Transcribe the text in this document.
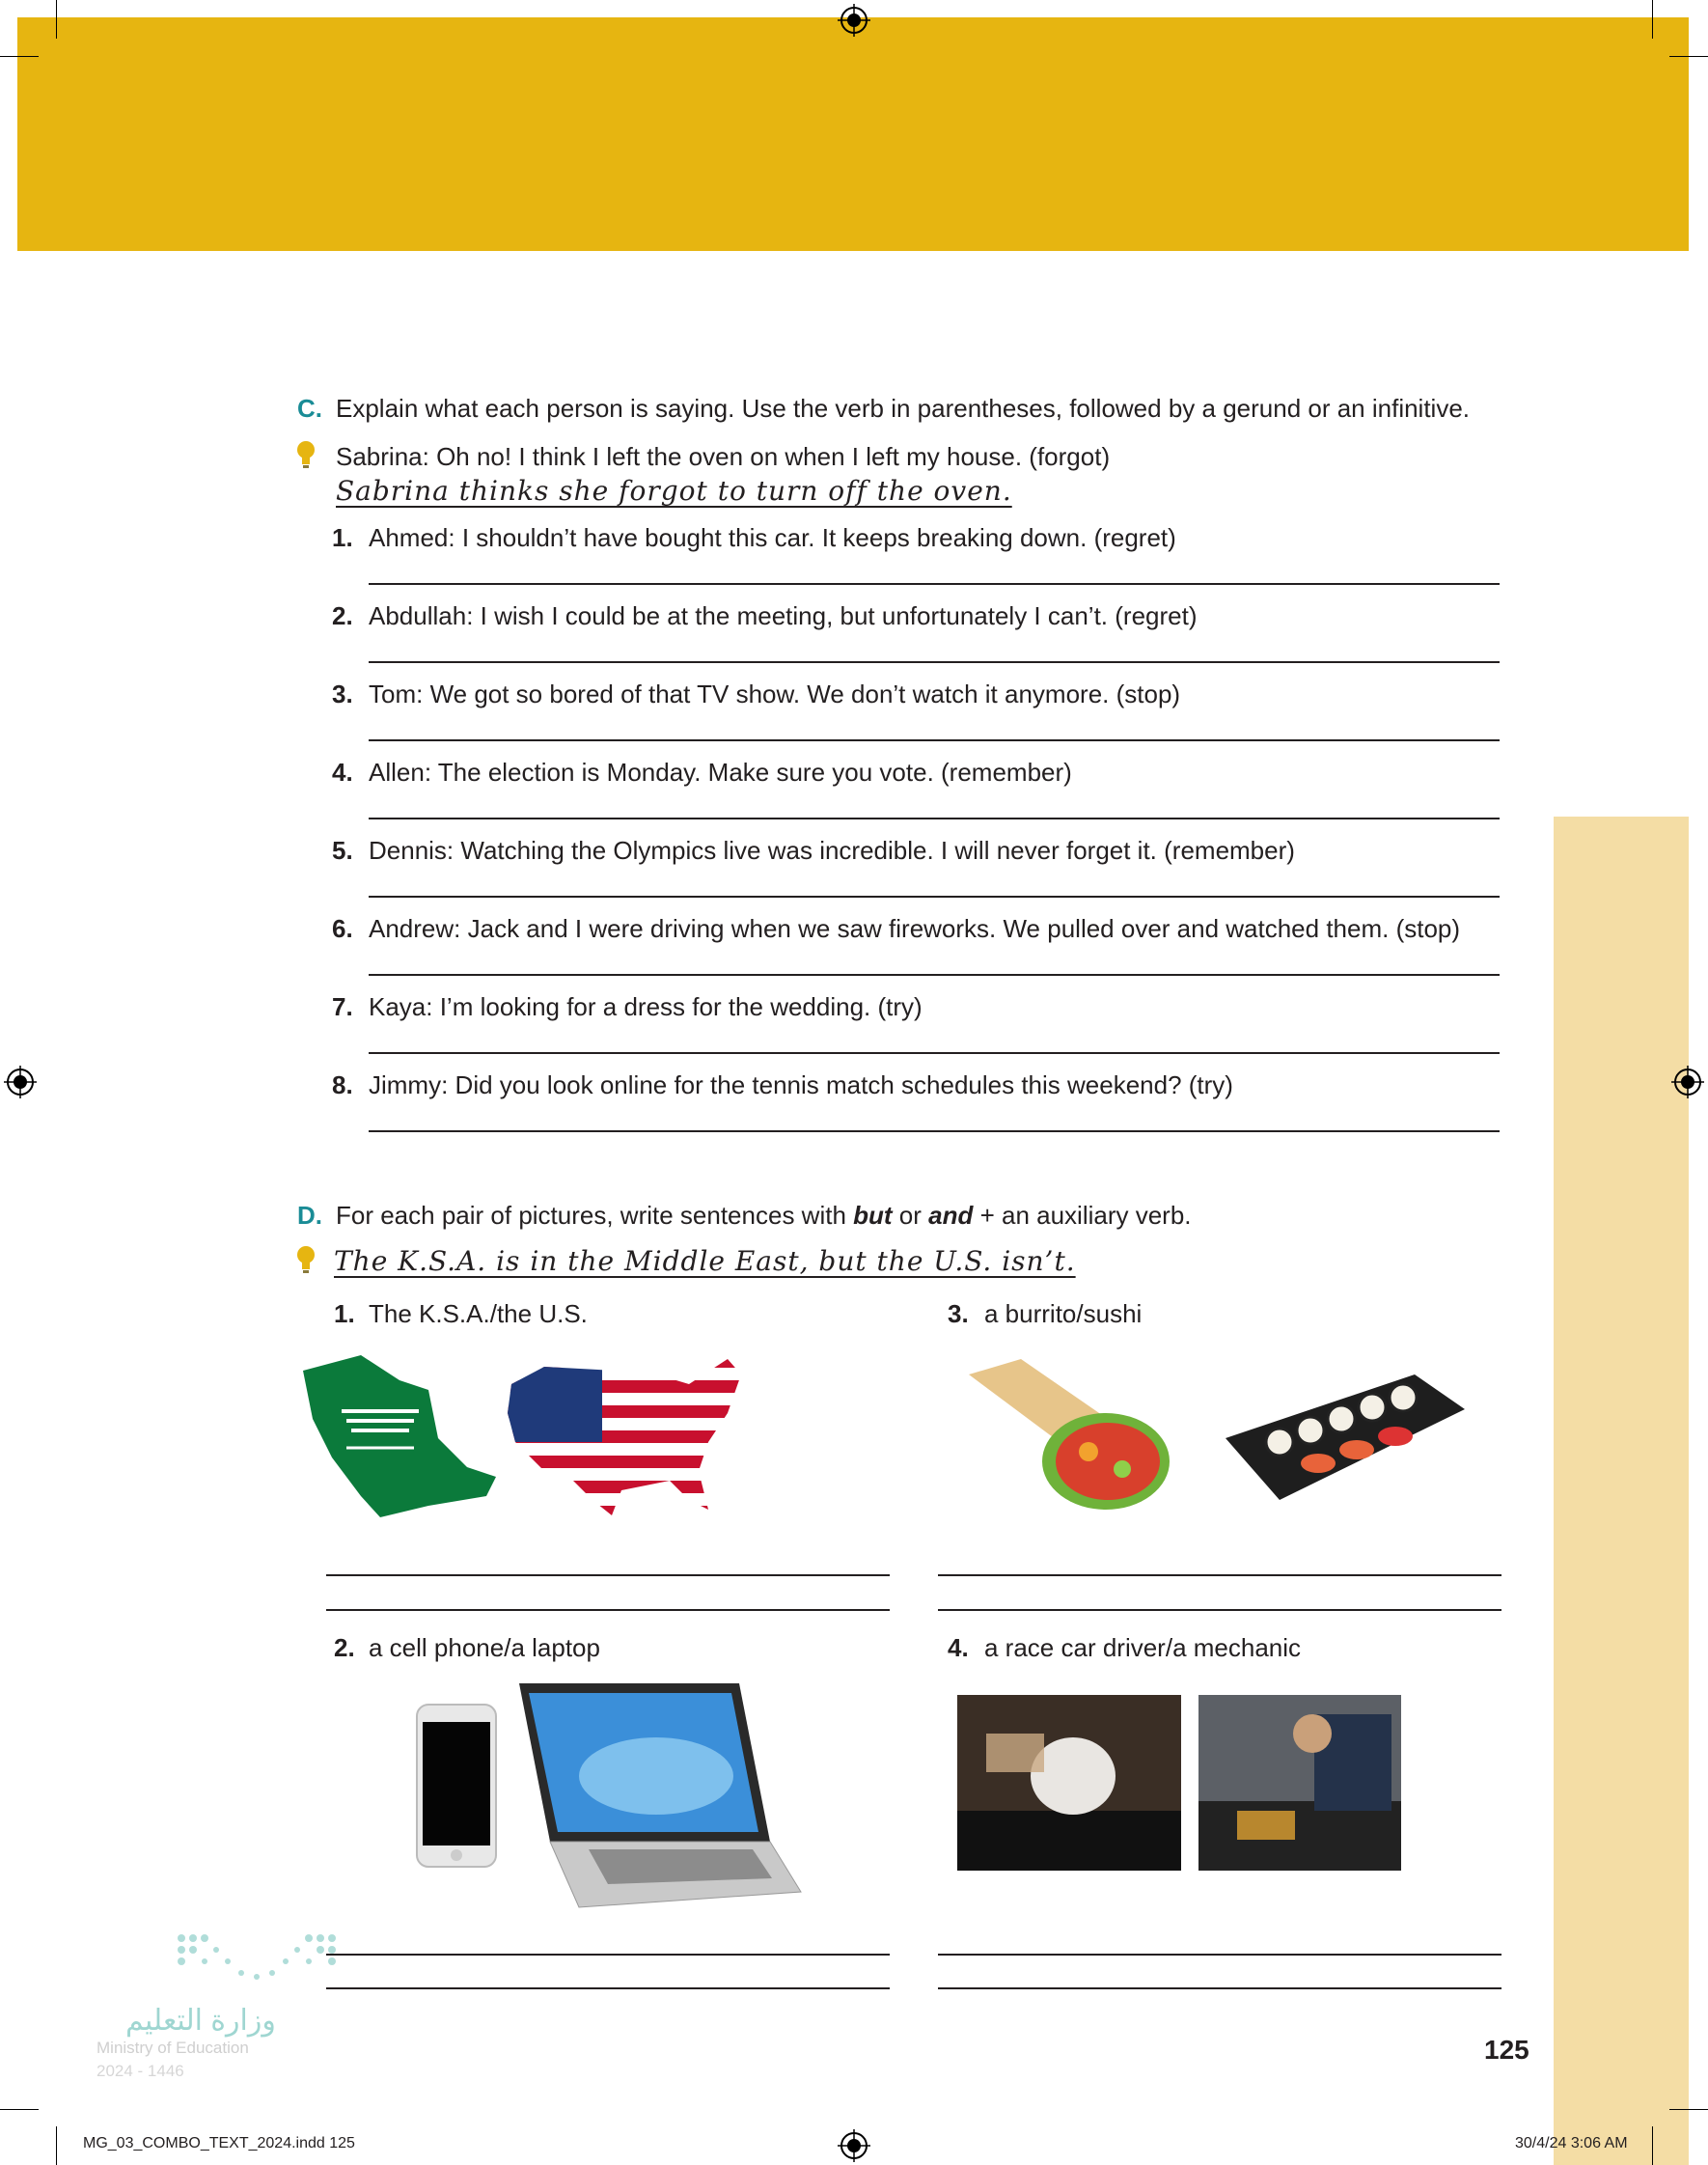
C. Explain what each person is saying. Use the verb in parentheses, followed by a gerund or an infinitive.
Sabrina: Oh no! I think I left the oven on when I left my house. (forgot)
Sabrina thinks she forgot to turn off the oven.
1. Ahmed: I shouldn’t have bought this car. It keeps breaking down. (regret)
2. Abdullah: I wish I could be at the meeting, but unfortunately I can’t. (regret)
3. Tom: We got so bored of that TV show. We don’t watch it anymore. (stop)
4. Allen: The election is Monday. Make sure you vote. (remember)
5. Dennis: Watching the Olympics live was incredible. I will never forget it. (remember)
6. Andrew: Jack and I were driving when we saw fireworks. We pulled over and watched them. (stop)
7. Kaya: I’m looking for a dress for the wedding. (try)
8. Jimmy: Did you look online for the tennis match schedules this weekend? (try)
D. For each pair of pictures, write sentences with but or and + an auxiliary verb.
The K.S.A. is in the Middle East, but the U.S. isn’t.
1. The K.S.A./the U.S.
2. a cell phone/a laptop
3. a burrito/sushi
4. a race car driver/a mechanic
وزارة التعليم
Ministry of Education
2024 - 1446
125
MG_03_COMBO_TEXT_2024.indd 125	30/4/24 3:06 AM
